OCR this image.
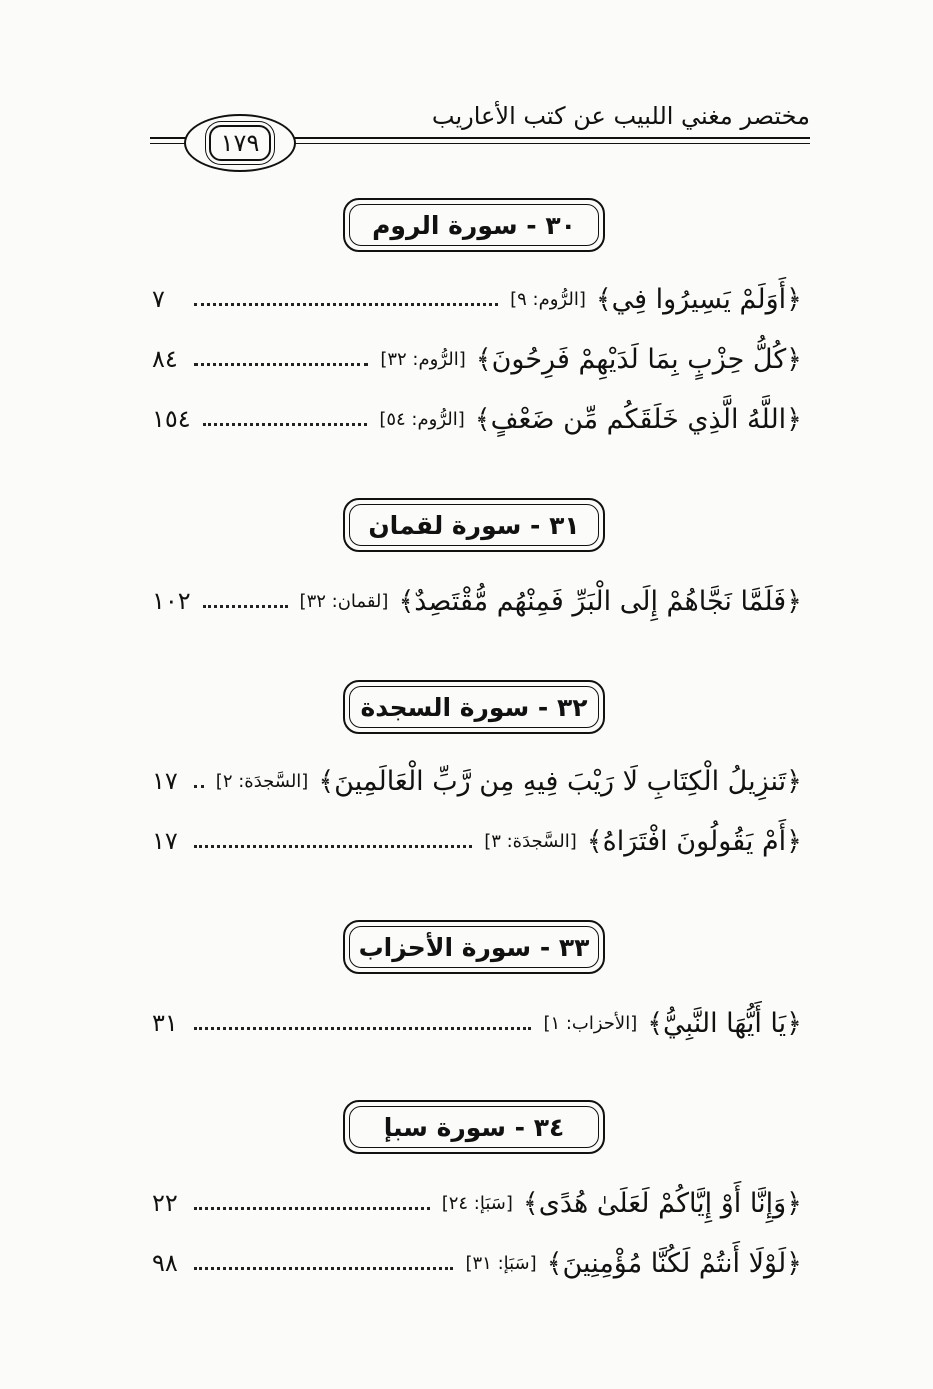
مختصر مغني اللبيب عن كتب الأعاريب
١٧٩
٣٠ - سورة الروم
﴿أَوَلَمْ يَسِيرُوا فِي﴾
[الرُّوم: ٩]
٧
﴿كُلُّ حِزْبٍ بِمَا لَدَيْهِمْ فَرِحُونَ﴾
[الرُّوم: ٣٢]
٨٤
﴿اللَّهُ الَّذِي خَلَقَكُم مِّن ضَعْفٍ﴾
[الرُّوم: ٥٤]
١٥٤
٣١ - سورة لقمان
﴿فَلَمَّا نَجَّاهُمْ إِلَى الْبَرِّ فَمِنْهُم مُّقْتَصِدٌ﴾
[لقمان: ٣٢]
١٠٢
٣٢ - سورة السجدة
﴿تَنزِيلُ الْكِتَابِ لَا رَيْبَ فِيهِ مِن رَّبِّ الْعَالَمِينَ﴾
[السَّجدَة: ٢]
١٧
﴿أَمْ يَقُولُونَ افْتَرَاهُ﴾
[السَّجدَة: ٣]
١٧
٣٣ - سورة الأحزاب
﴿يَا أَيُّهَا النَّبِيُّ﴾
[الأحزاب: ١]
٣١
٣٤ - سورة سبإ
﴿وَإِنَّا أَوْ إِيَّاكُمْ لَعَلَىٰ هُدًى﴾
[سَبَإ: ٢٤]
٢٢
﴿لَوْلَا أَنتُمْ لَكُنَّا مُؤْمِنِينَ﴾
[سَبَإ: ٣١]
٩٨
